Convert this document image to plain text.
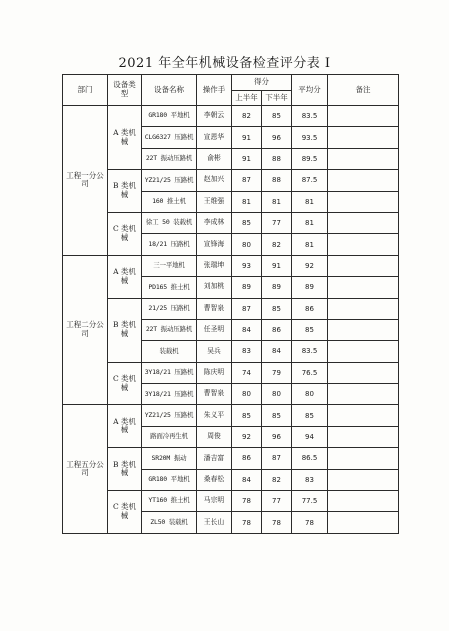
2021 年全年机械设备检查评分表 I
部门	设备类型	设备名称	操作手	得分		平均分	备注
				上半年	下半年		
工程一分公司	A 类机械	GR180 平地机	李朝云	82	85	83.5	
		CLG6327 压路机	宣恩华	91	96	93.5	
		22T 振动压路机	俞彬	91	88	89.5	
	B 类机械	YZ21/25 压路机	赵加兴	87	88	87.5	
		160 推土机	王维强	81	81	81	
	C 类机械	徐工 50 装载机	李成林	85	77	81	
		18/21 压路机	宣锋海	80	82	81	
工程二分公司	A 类机械	三一平地机	张瑞坤	93	91	92	
		PD165 推土机	刘加桃	89	89	89	
	B 类机械	21/25 压路机	曹智泉	87	85	86	
		22T 振动压路机	任圣明	84	86	85	
		装载机	吴兵	83	84	83.5	
	C 类机械	3Y18/21 压路机	陈庆明	74	79	76.5	
		3Y18/21 压路机	曹智泉	80	80	80	
工程五分公司	A 类机械	YZ21/25 压路机	朱义平	85	85	85	
		路面冷再生机	周俊	92	96	94	
	B 类机械	SR20M 振动	潘吉富	86	87	86.5	
		GR180 平地机	桑春松	84	82	83	
	C 类机械	YT160 推土机	马宗明	78	77	77.5	
		ZL50 装载机	王长山	78	78	78	
